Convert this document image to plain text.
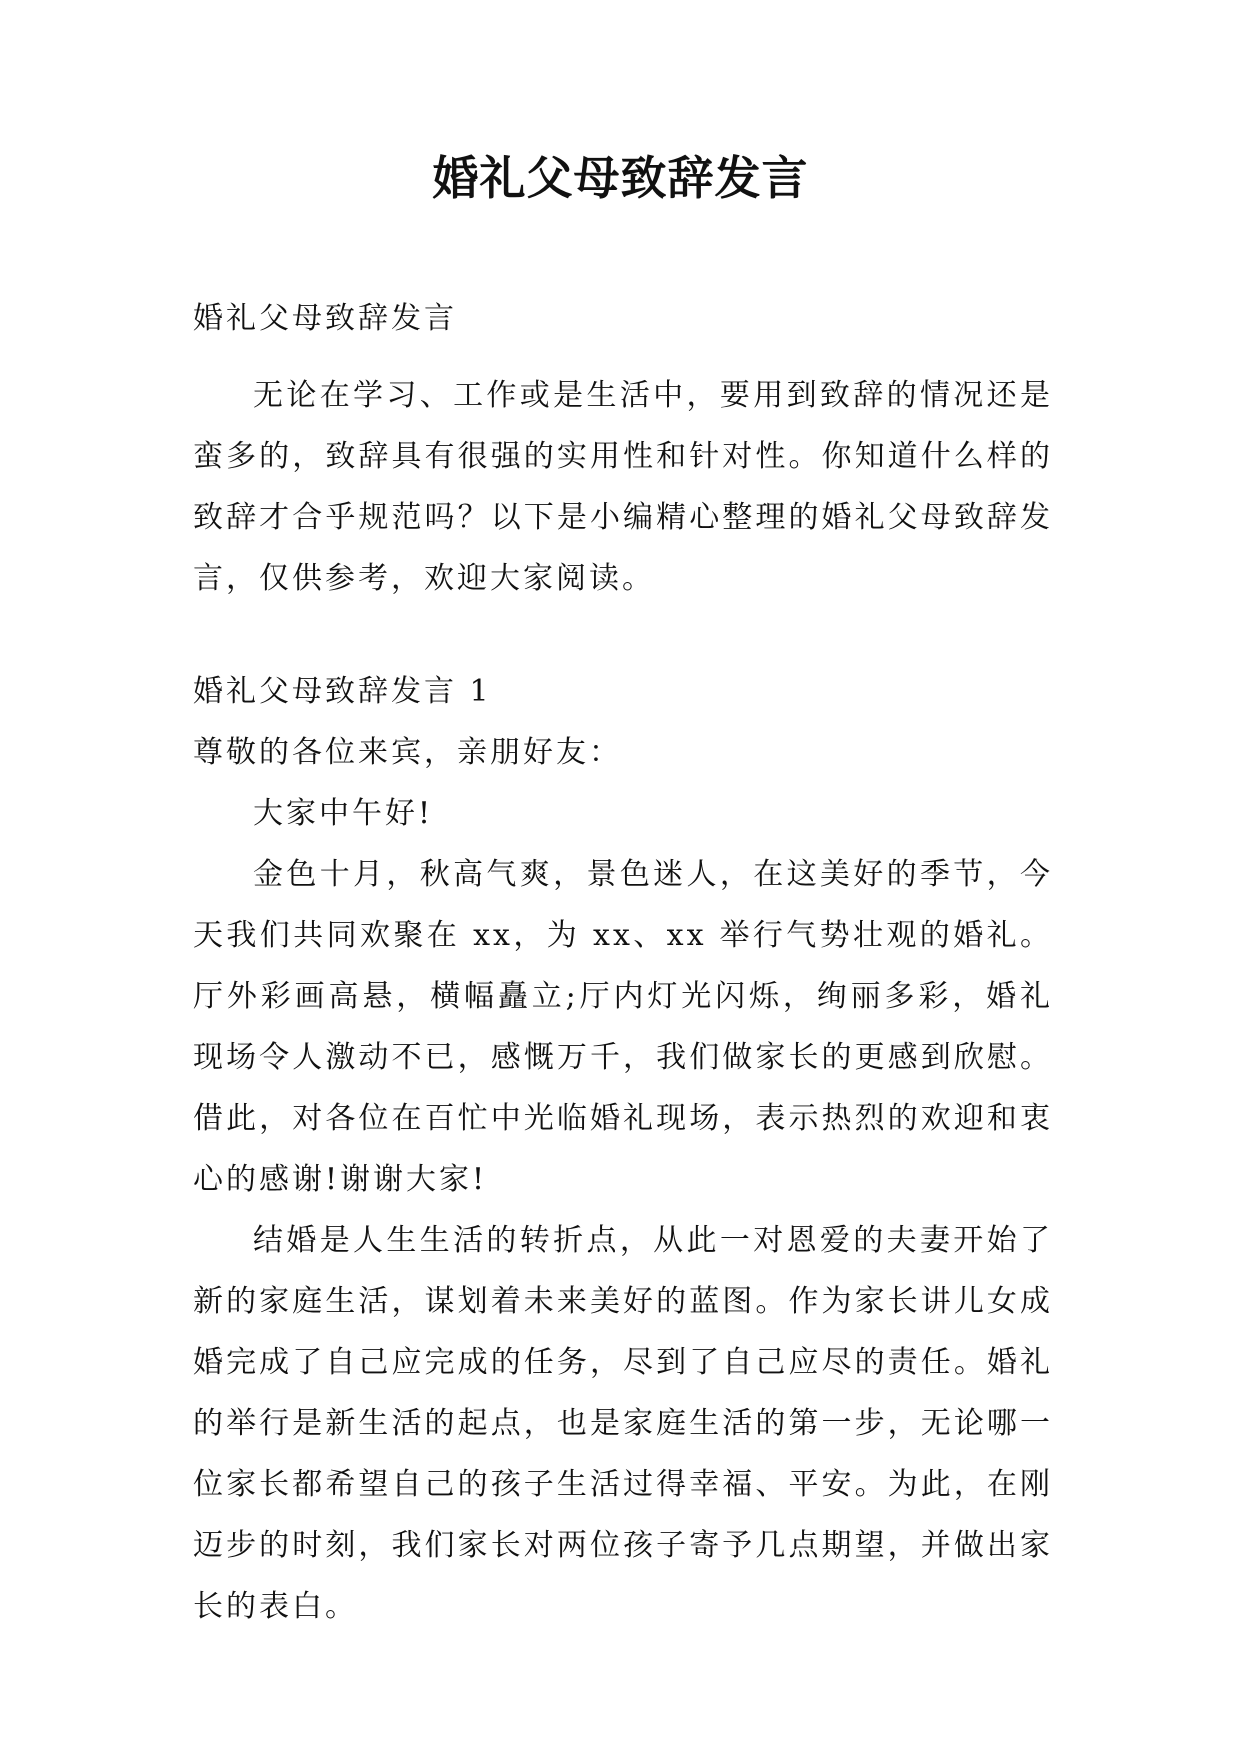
婚礼父母致辞发言

婚礼父母致辞发言

无论在学习、工作或是生活中，要用到致辞的情况还是蛮多的，致辞具有很强的实用性和针对性。你知道什么样的致辞才合乎规范吗？以下是小编精心整理的婚礼父母致辞发言，仅供参考，欢迎大家阅读。

婚礼父母致辞发言 1

尊敬的各位来宾，亲朋好友：

大家中午好!

金色十月，秋高气爽，景色迷人，在这美好的季节，今天我们共同欢聚在 xx，为 xx、xx 举行气势壮观的婚礼。厅外彩画高悬，横幅矗立;厅内灯光闪烁，绚丽多彩，婚礼现场令人激动不已，感慨万千，我们做家长的更感到欣慰。借此，对各位在百忙中光临婚礼现场，表示热烈的欢迎和衷心的感谢!谢谢大家!

结婚是人生生活的转折点，从此一对恩爱的夫妻开始了新的家庭生活，谋划着未来美好的蓝图。作为家长讲儿女成婚完成了自己应完成的任务，尽到了自己应尽的责任。婚礼的举行是新生活的起点，也是家庭生活的第一步，无论哪一位家长都希望自己的孩子生活过得幸福、平安。为此，在刚迈步的时刻，我们家长对两位孩子寄予几点期望，并做出家长的表白。
